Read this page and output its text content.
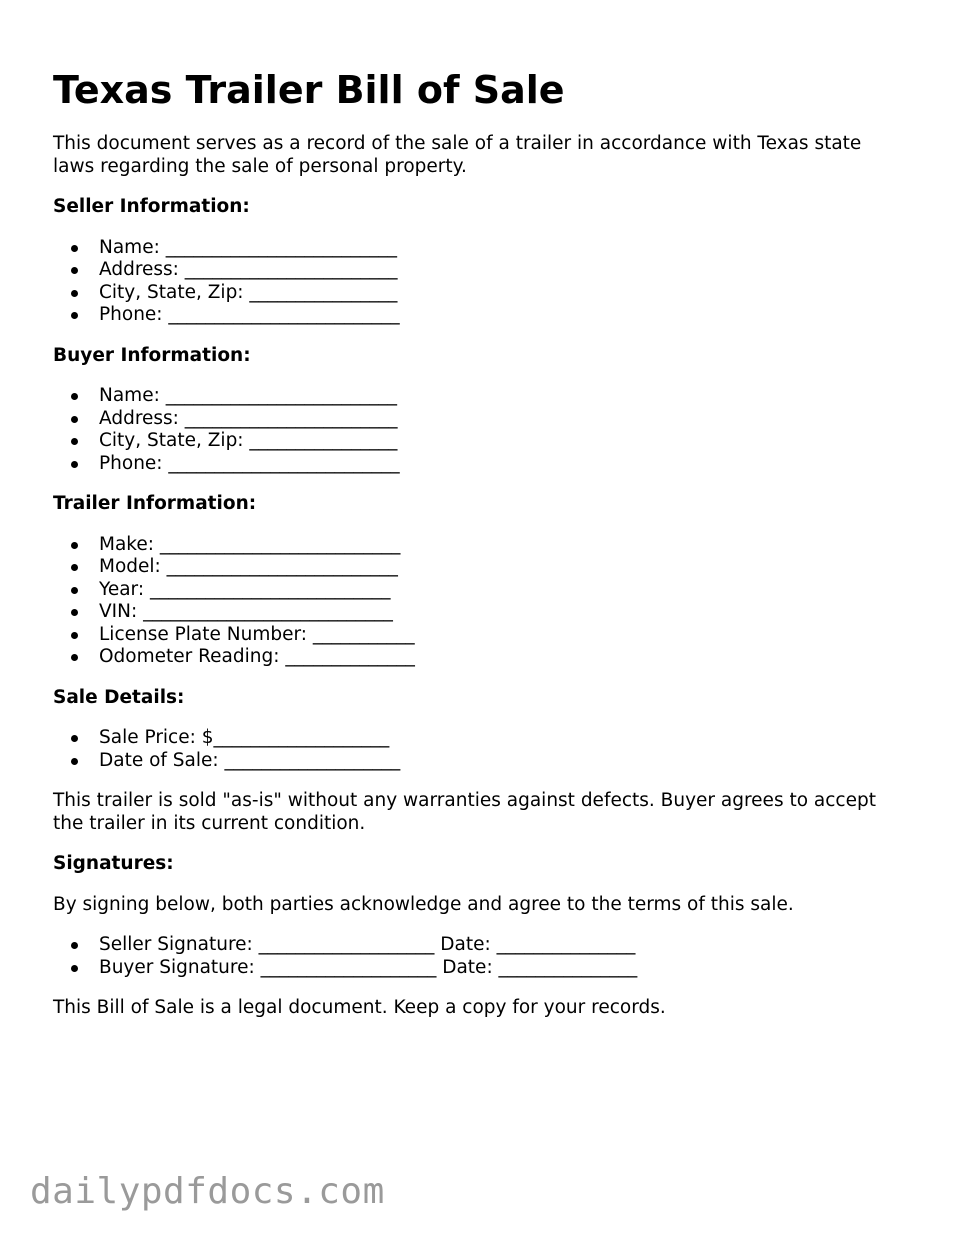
Texas Trailer Bill of Sale

This document serves as a record of the sale of a trailer in accordance with Texas state laws regarding the sale of personal property.

Seller Information:
Name: _________________________
Address: _______________________
City, State, Zip: ________________
Phone: _________________________
Buyer Information:
Name: _________________________
Address: _______________________
City, State, Zip: ________________
Phone: _________________________
Trailer Information:
Make: __________________________
Model: _________________________
Year: __________________________
VIN: ___________________________
License Plate Number: ___________
Odometer Reading: ______________
Sale Details:
Sale Price: $___________________
Date of Sale: ___________________

This trailer is sold "as-is" without any warranties against defects. Buyer agrees to accept the trailer in its current condition.

Signatures:

By signing below, both parties acknowledge and agree to the terms of this sale.

Seller Signature: ___________________ Date: _______________
Buyer Signature: ___________________ Date: _______________

This Bill of Sale is a legal document. Keep a copy for your records.

dailypdfdocs.com
